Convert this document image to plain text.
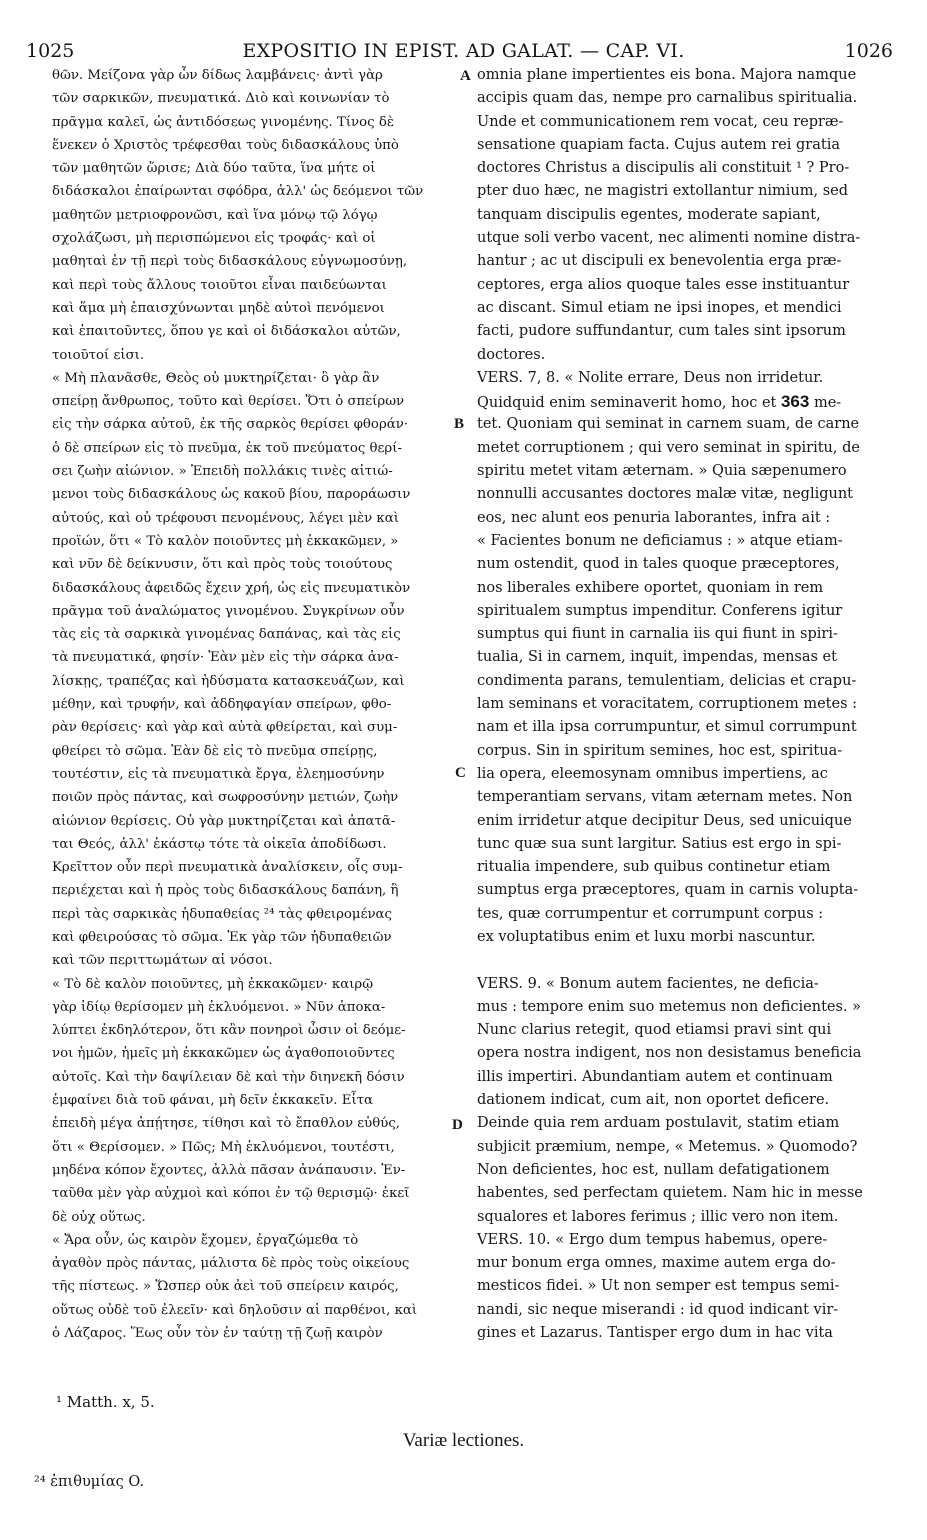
1025	EXPOSITIO IN EPIST. AD GALAT. — CAP. VI.	1026
θῶν. Μείζονα γὰρ ὧν δίδως λαμβάνεις· ἀντὶ γὰρ
τῶν σαρκικῶν, πνευματικά. Διὸ καὶ κοινωνίαν τὸ
πρᾶγμα καλεῖ, ὡς ἀντιδόσεως γινομένης. Τίνος δὲ
ἕνεκεν ὁ Χριστὸς τρέφεσθαι τοὺς διδασκάλους ὑπὸ
τῶν μαθητῶν ὥρισε; Διὰ δύο ταῦτα, ἵνα μήτε οἱ
διδάσκαλοι ἐπαίρωνται σφόδρα, ἀλλ' ὡς δεόμενοι τῶν
μαθητῶν μετριοφρονῶσι, καὶ ἵνα μόνῳ τῷ λόγῳ
σχολάζωσι, μὴ περισπώμενοι εἰς τροφάς· καὶ οἱ
μαθηταὶ ἐν τῇ περὶ τοὺς διδασκάλους εὐγνωμοσύνῃ,
καὶ περὶ τοὺς ἄλλους τοιοῦτοι εἶναι παιδεύωνται
καὶ ἅμα μὴ ἐπαισχύνωνται μηδὲ αὐτοὶ πενόμενοι
καὶ ἐπαιτοῦντες, ὅπου γε καὶ οἱ διδάσκαλοι αὐτῶν,
τοιοῦτοί εἰσι.
« Μὴ πλανᾶσθε, Θεὸς οὐ μυκτηρίζεται· ὃ γὰρ ἂν
σπείρῃ ἄνθρωπος, τοῦτο καὶ θερίσει. Ὅτι ὁ σπείρων
εἰς τὴν σάρκα αὐτοῦ, ἐκ τῆς σαρκὸς θερίσει φθοράν·
ὁ δὲ σπείρων εἰς τὸ πνεῦμα, ἐκ τοῦ πνεύματος θερί-
σει ζωὴν αἰώνιον. » Ἐπειδὴ πολλάκις τινὲς αἰτιώ-
μενοι τοὺς διδασκάλους ὡς κακοῦ βίου, παροράωσιν
αὐτούς, καὶ οὐ τρέφουσι πενομένους, λέγει μὲν καὶ
προϊών, ὅτι « Τὸ καλὸν ποιοῦντες μὴ ἐκκακῶμεν, »
καὶ νῦν δὲ δείκνυσιν, ὅτι καὶ πρὸς τοὺς τοιούτους
διδασκάλους ἀφειδῶς ἔχειν χρή, ὡς εἰς πνευματικὸν
πρᾶγμα τοῦ ἀναλώματος γινομένου. Συγκρίνων οὖν
τὰς εἰς τὰ σαρκικὰ γινομένας δαπάνας, καὶ τὰς εἰς
τὰ πνευματικά, φησίν· Ἐὰν μὲν εἰς τὴν σάρκα ἀνα-
λίσκῃς, τραπέζας καὶ ἡδύσματα κατασκευάζων, καὶ
μέθην, καὶ τρυφήν, καὶ ἀδδηφαγίαν σπείρων, φθο-
ρὰν θερίσεις· καὶ γὰρ καὶ αὐτὰ φθείρεται, καὶ συμ-
φθείρει τὸ σῶμα. Ἐὰν δὲ εἰς τὸ πνεῦμα σπείρῃς,
τουτέστιν, εἰς τὰ πνευματικὰ ἔργα, ἐλεημοσύνην
ποιῶν πρὸς πάντας, καὶ σωφροσύνην μετιών, ζωὴν
αἰώνιον θερίσεις. Οὐ γὰρ μυκτηρίζεται καὶ ἀπατᾶ-
ται Θεός, ἀλλ' ἑκάστῳ τότε τὰ οἰκεῖα ἀποδίδωσι.
Κρεῖττον οὖν περὶ πνευματικὰ ἀναλίσκειν, οἷς συμ-
περιέχεται καὶ ἡ πρὸς τοὺς διδασκάλους δαπάνη, ἢ
περὶ τὰς σαρκικὰς ἡδυπαθείας ²⁴ τὰς φθειρομένας
καὶ φθειρούσας τὸ σῶμα. Ἐκ γὰρ τῶν ἡδυπαθειῶν
καὶ τῶν περιττωμάτων αἱ νόσοι.
« Τὸ δὲ καλὸν ποιοῦντες, μὴ ἐκκακῶμεν· καιρῷ
γὰρ ἰδίῳ θερίσομεν μὴ ἐκλυόμενοι. » Νῦν ἀποκα-
λύπτει ἐκδηλότερον, ὅτι κἂν πονηροὶ ὦσιν οἱ δεόμε-
νοι ἡμῶν, ἡμεῖς μὴ ἐκκακῶμεν ὡς ἀγαθοποιοῦντες
αὐτοῖς. Καὶ τὴν δαψίλειαν δὲ καὶ τὴν διηνεκῆ δόσιν
ἐμφαίνει διὰ τοῦ φάναι, μὴ δεῖν ἐκκακεῖν. Εἶτα
ἐπειδὴ μέγα ἀπῄτησε, τίθησι καὶ τὸ ἔπαθλον εὐθύς,
ὅτι « Θερίσομεν. » Πῶς; Μὴ ἐκλυόμενοι, τουτέστι,
μηδένα κόπον ἔχοντες, ἀλλὰ πᾶσαν ἀνάπαυσιν. Ἐν-
ταῦθα μὲν γὰρ αὐχμοὶ καὶ κόποι ἐν τῷ θερισμῷ· ἐκεῖ
δὲ οὐχ οὕτως.
« Ἄρα οὖν, ὡς καιρὸν ἔχομεν, ἐργαζώμεθα τὸ
ἀγαθὸν πρὸς πάντας, μάλιστα δὲ πρὸς τοὺς οἰκείους
τῆς πίστεως. » Ὥσπερ οὐκ ἀεὶ τοῦ σπείρειν καιρός,
οὕτως οὐδὲ τοῦ ἐλεεῖν· καὶ δηλοῦσιν αἱ παρθένοι, καὶ
ὁ Λάζαρος. Ἕως οὖν τὸν ἐν ταύτῃ τῇ ζωῇ καιρὸν
omnia plane impertientes eis bona. Majora namque
accipis quam das, nempe pro carnalibus spiritualia.
Unde et communicationem rem vocat, ceu repræ-
sensatione quapiam facta. Cujus autem rei gratia
doctores Christus a discipulis ali constituit ¹ ? Pro-
pter duo hæc, ne magistri extollantur nimium, sed
tanquam discipulis egentes, moderate sapiant,
utque soli verbo vacent, nec alimenti nomine distra-
hantur ; ac ut discipuli ex benevolentia erga præ-
ceptores, erga alios quoque tales esse instituantur
ac discant. Simul etiam ne ipsi inopes, et mendici
facti, pudore suffundantur, cum tales sint ipsorum
doctores.
VERS. 7, 8. « Nolite errare, Deus non irridetur.
Quidquid enim seminaverit homo, hoc et 363 me-
tet. Quoniam qui seminat in carnem suam, de carne
metet corruptionem ; qui vero seminat in spiritu, de
spiritu metet vitam æternam. » Quia sæpenumero
nonnulli accusantes doctores malæ vitæ, negligunt
eos, nec alunt eos penuria laborantes, infra ait :
« Facientes bonum ne deficiamus : » atque etiam-
num ostendit, quod in tales quoque præceptores,
nos liberales exhibere oportet, quoniam in rem
spiritualem sumptus impenditur. Conferens igitur
sumptus qui fiunt in carnalia iis qui fiunt in spiri-
tualia, Si in carnem, inquit, impendas, mensas et
condimenta parans, temulentiam, delicias et crapu-
lam seminans et voracitatem, corruptionem metes :
nam et illa ipsa corrumpuntur, et simul corrumpunt
corpus. Sin in spiritum semines, hoc est, spiritua-
lia opera, eleemosynam omnibus impertiens, ac
temperantiam servans, vitam æternam metes. Non
enim irridetur atque decipitur Deus, sed unicuique
tunc quæ sua sunt largitur. Satius est ergo in spi-
ritualia impendere, sub quibus continetur etiam
sumptus erga præceptores, quam in carnis volupta-
tes, quæ corrumpentur et corrumpunt corpus :
ex voluptatibus enim et luxu morbi nascuntur.
VERS. 9. « Bonum autem facientes, ne deficia-
mus : tempore enim suo metemus non deficientes. »
Nunc clarius retegit, quod etiamsi pravi sint qui
opera nostra indigent, nos non desistamus beneficia
illis impertiri. Abundantiam autem et continuam
dationem indicat, cum ait, non oportet deficere.
Deinde quia rem arduam postulavit, statim etiam
subjicit præmium, nempe, « Metemus. » Quomodo?
Non deficientes, hoc est, nullam defatigationem
habentes, sed perfectam quietem. Nam hic in messe
squalores et labores ferimus ; illic vero non item.
VERS. 10. « Ergo dum tempus habemus, opere-
mur bonum erga omnes, maxime autem erga do-
mesticos fidei. » Ut non semper est tempus semi-
nandi, sic neque miserandi : id quod indicant vir-
gines et Lazarus. Tantisper ergo dum in hac vita
A
B
C
D
¹ Matth. x, 5.
Variæ lectiones.
²⁴ ἐπιθυμίας O.
